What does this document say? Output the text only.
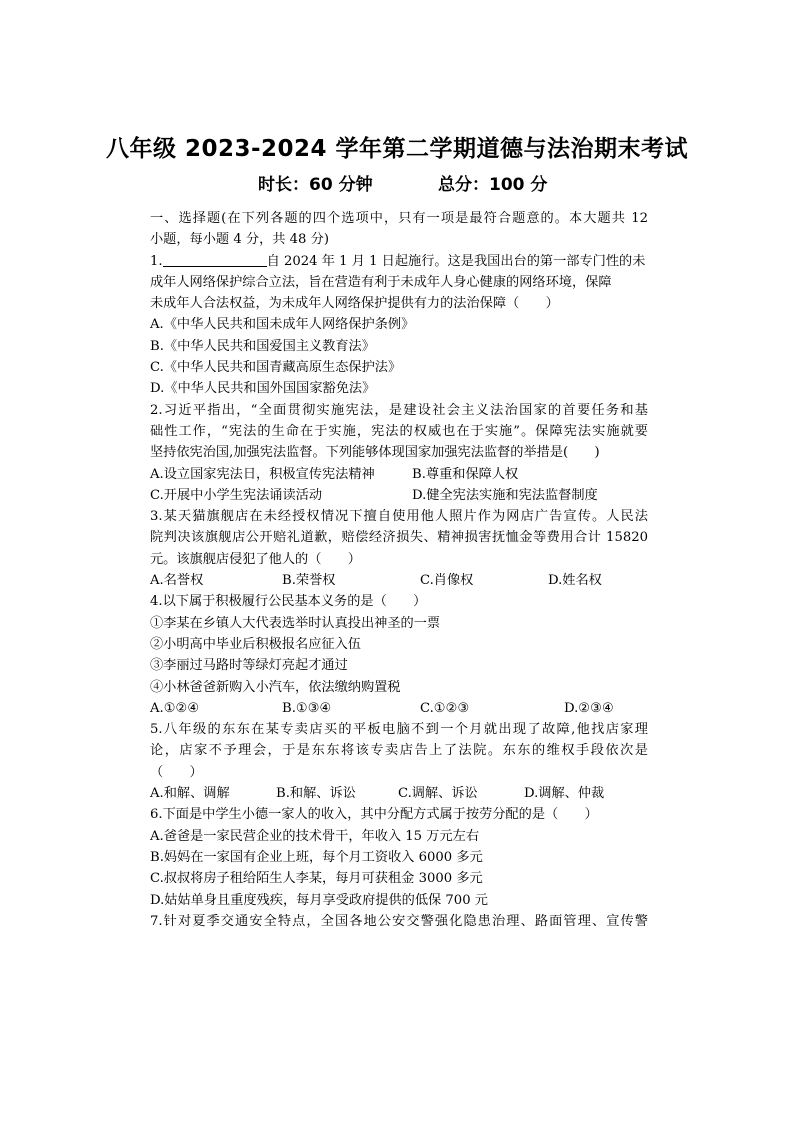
八年级 2023-2024 学年第二学期道德与法治期末考试
时长：60 分钟	总分：100 分
一、选择题(在下列各题的四个选项中，只有一项是最符合题意的。本大题共 12
小题，每小题 4 分，共 48 分)
1.	自 2024 年 1 月 1 日起施行。这是我国出台的第一部专门性的未
成年人网络保护综合立法，旨在营造有利于未成年人身心健康的网络环境，保障
未成年人合法权益，为未成年人网络保护提供有力的法治保障（　　）
A.《中华人民共和国未成年人网络保护条例》
B.《中华人民共和国爱国主义教育法》
C.《中华人民共和国青藏高原生态保护法》
D.《中华人民共和国外国国家豁免法》
2.习近平指出，“全面贯彻实施宪法，是建设社会主义法治国家的首要任务和基
础性工作，“宪法的生命在于实施，宪法的权威也在于实施”。保障宪法实施就要
坚持依宪治国,加强宪法监督。下列能够体现国家加强宪法监督的举措是(　　)
A.设立国家宪法日，积极宣传宪法精神	B.尊重和保障人权
C.开展中小学生宪法诵读活动	D.健全宪法实施和宪法监督制度
3.某天猫旗舰店在未经授权情况下擅自使用他人照片作为网店广告宣传。人民法
院判决该旗舰店公开赔礼道歉，赔偿经济损失、精神损害抚恤金等费用合计 15820
元。该旗舰店侵犯了他人的（　　）
A.名誉权	B.荣誉权	C.肖像权	D.姓名权
4.以下属于积极履行公民基本义务的是（　　）
①李某在乡镇人大代表选举时认真投出神圣的一票
②小明高中毕业后积极报名应征入伍
③李丽过马路时等绿灯亮起才通过
④小林爸爸新购入小汽车，依法缴纳购置税
A.①②④	B.①③④	C.①②③	D.②③④
5.八年级的东东在某专卖店买的平板电脑不到一个月就出现了故障,他找店家理
论，店家不予理会，于是东东将该专卖店告上了法院。东东的维权手段依次是
（　　）
A.和解、调解	B.和解、诉讼	C.调解、诉讼	D.调解、仲裁
6.下面是中学生小德一家人的收入，其中分配方式属于按劳分配的是（　　）
A.爸爸是一家民营企业的技术骨干，年收入 15 万元左右
B.妈妈在一家国有企业上班，每个月工资收入 6000 多元
C.叔叔将房子租给陌生人李某，每月可获租金 3000 多元
D.姑姑单身且重度残疾，每月享受政府提供的低保 700 元
7.针对夏季交通安全特点，全国各地公安交警强化隐患治理、路面管理、宣传警
